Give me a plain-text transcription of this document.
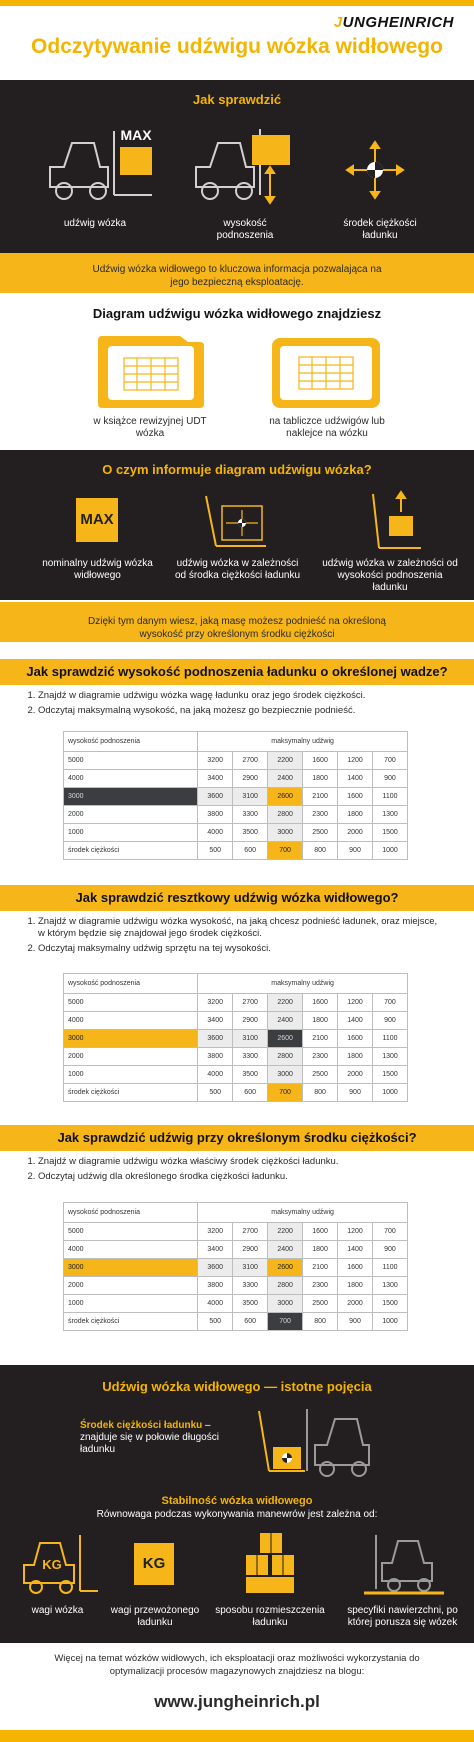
JUNGHEINRICH
Odczytywanie udźwigu wózka widłowego
Jak sprawdzić
MAX
udźwig wózka	wysokość podnoszenia
środek ciężkości ładunku
Udźwig wózka widłowego to kluczowa informacja pozwalająca na jego bezpieczną eksploatację.
Diagram udźwigu wózka widłowego znajdziesz
w książce rewizyjnej UDT wózka
na tabliczce udźwigów lub naklejce na wózku
O czym informuje diagram udźwigu wózka?
MAX
nominalny udźwig wózka widłowego
udźwig wózka w zależności od środka ciężkości ładunku
udźwig wózka w zależności od wysokości podnoszenia ładunku
Dzięki tym danym wiesz, jaką masę możesz podnieść na określoną wysokość przy określonym środku ciężkości
Jak sprawdzić wysokość podnoszenia ładunku o określonej wadze?
1. Znajdź w diagramie udźwigu wózka wagę ładunku oraz jego środek ciężkości.
2. Odczytaj maksymalną wysokość, na jaką możesz go bezpiecznie podnieść.
wysokość podnoszenia	maksymalny udźwig					
5000	3200	2700	2200	1600	1200	700
4000	3400	2900	2400	1800	1400	900
3000	3600	3100	2600	2100	1600	1100
2000	3800	3300	2800	2300	1800	1300
1000	4000	3500	3000	2500	2000	1500
środek ciężkości	500	600	700	800	900	1000
Jak sprawdzić resztkowy udźwig wózka widłowego?
1. Znajdź w diagramie udźwigu wózka wysokość, na jaką chcesz podnieść ładunek, oraz miejsce, w którym będzie się znajdował jego środek ciężkości.
2. Odczytaj maksymalny udźwig sprzętu na tej wysokości.
wysokość podnoszenia	maksymalny udźwig					
5000	3200	2700	2200	1600	1200	700
4000	3400	2900	2400	1800	1400	900
3000	3600	3100	2600	2100	1600	1100
2000	3800	3300	2800	2300	1800	1300
1000	4000	3500	3000	2500	2000	1500
środek ciężkości	500	600	700	800	900	1000
Jak sprawdzić udźwig przy określonym środku ciężkości?
1. Znajdź w diagramie udźwigu wózka właściwy środek ciężkości ładunku.
2. Odczytaj udźwig dla określonego środka ciężkości ładunku.
wysokość podnoszenia	maksymalny udźwig					
5000	3200	2700	2200	1600	1200	700
4000	3400	2900	2400	1800	1400	900
3000	3600	3100	2600	2100	1600	1100
2000	3800	3300	2800	2300	1800	1300
1000	4000	3500	3000	2500	2000	1500
środek ciężkości	500	600	700	800	900	1000
Udźwig wózka widłowego — istotne pojęcia
Środek ciężkości ładunku –
znajduje się w połowie długości ładunku
Stabilność wózka widłowego
Równowaga podczas wykonywania manewrów jest zależna od:
KG	KG
wagi wózka	wagi przewożonego ładunku
sposobu rozmieszczenia ładunku
specyfiki nawierzchni, po której porusza się wózek
Więcej na temat wózków widłowych, ich eksploatacji oraz możliwości wykorzystania do optymalizacji procesów magazynowych znajdziesz na blogu:
www.jungheinrich.pl
